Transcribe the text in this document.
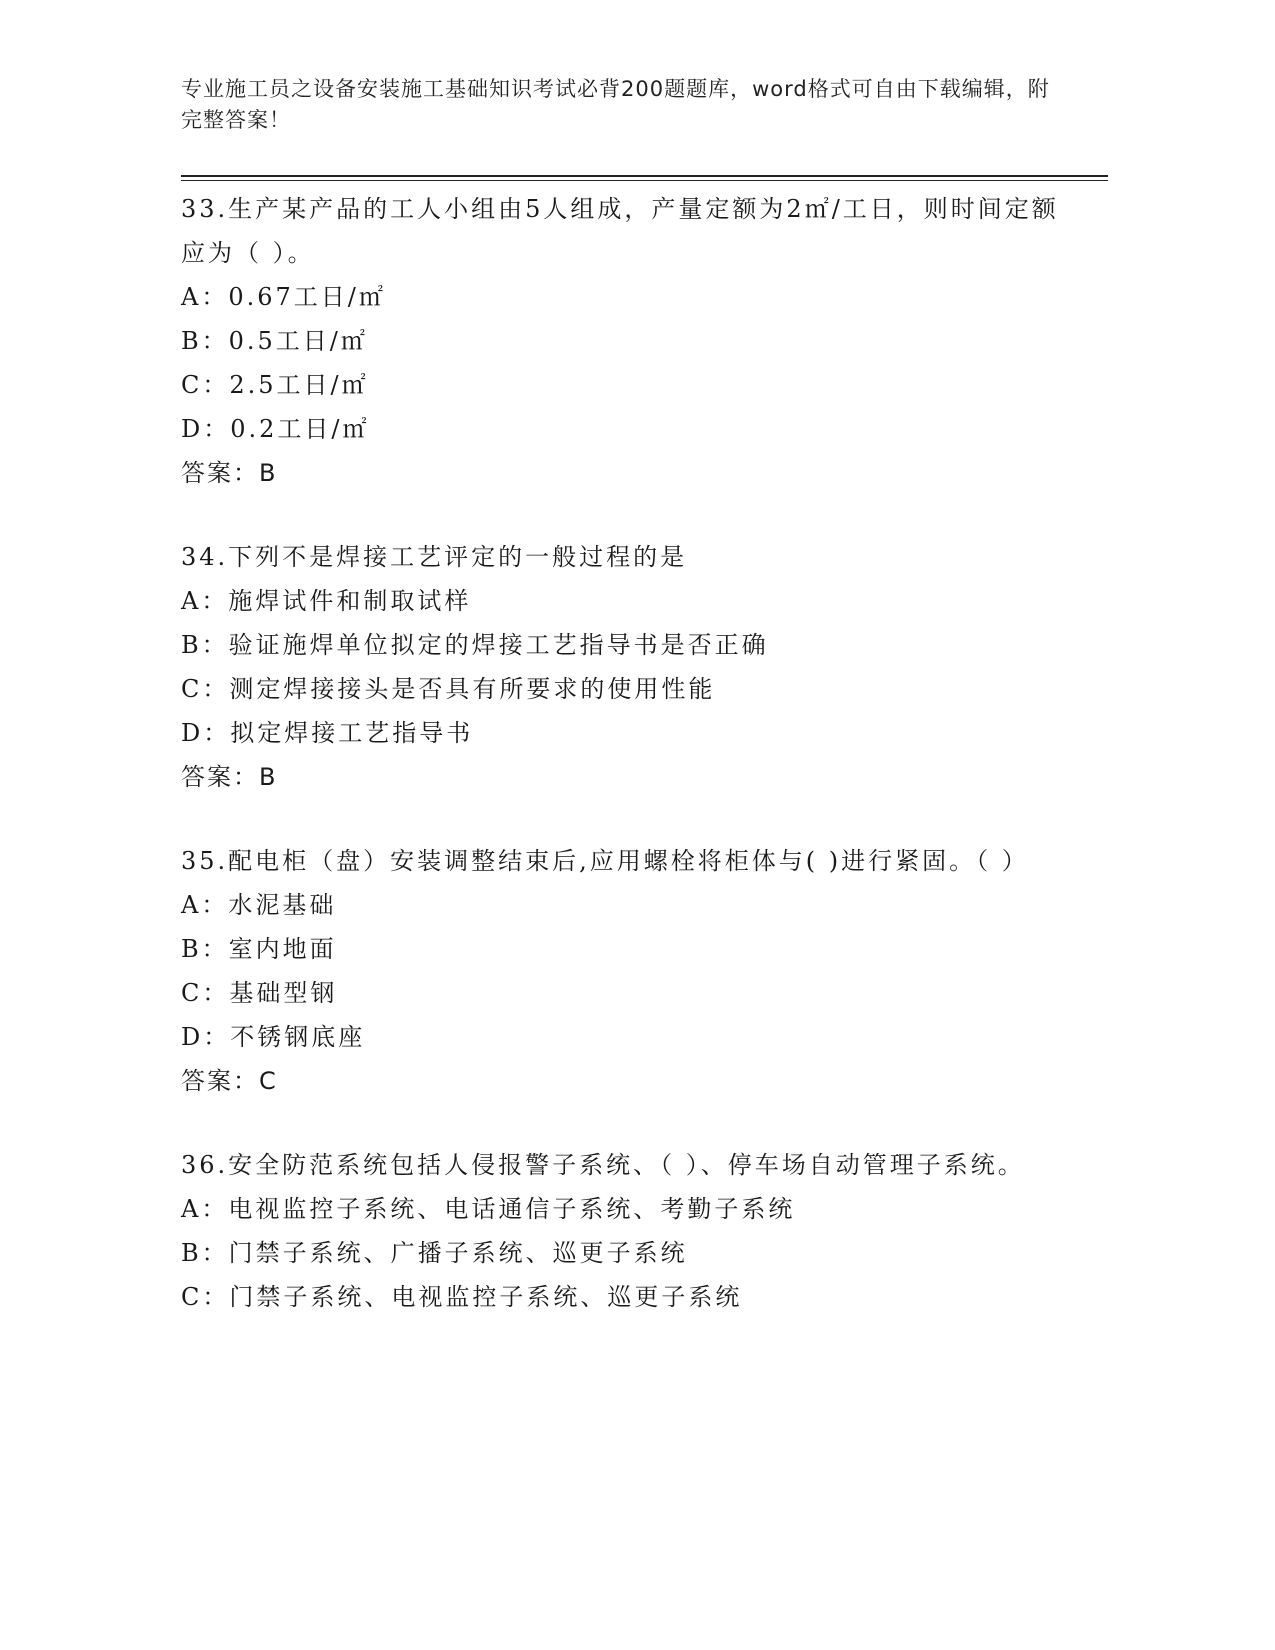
专业施工员之设备安装施工基础知识考试必背200题题库，word格式可自由下载编辑，附完整答案！
33.生产某产品的工人小组由5人组成，产量定额为2㎡/工日，则时间定额应为（ ）。
A：0.67工日/㎡
B：0.5工日/㎡
C：2.5工日/㎡
D：0.2工日/㎡
答案：B
34.下列不是焊接工艺评定的一般过程的是
A：施焊试件和制取试样
B：验证施焊单位拟定的焊接工艺指导书是否正确
C：测定焊接接头是否具有所要求的使用性能
D：拟定焊接工艺指导书
答案：B
35.配电柜（盘）安装调整结束后,应用螺栓将柜体与( )进行紧固。（ ）
A：水泥基础
B：室内地面
C：基础型钢
D：不锈钢底座
答案：C
36.安全防范系统包括人侵报警子系统、（ ）、停车场自动管理子系统。
A：电视监控子系统、电话通信子系统、考勤子系统
B：门禁子系统、广播子系统、巡更子系统
C：门禁子系统、电视监控子系统、巡更子系统
